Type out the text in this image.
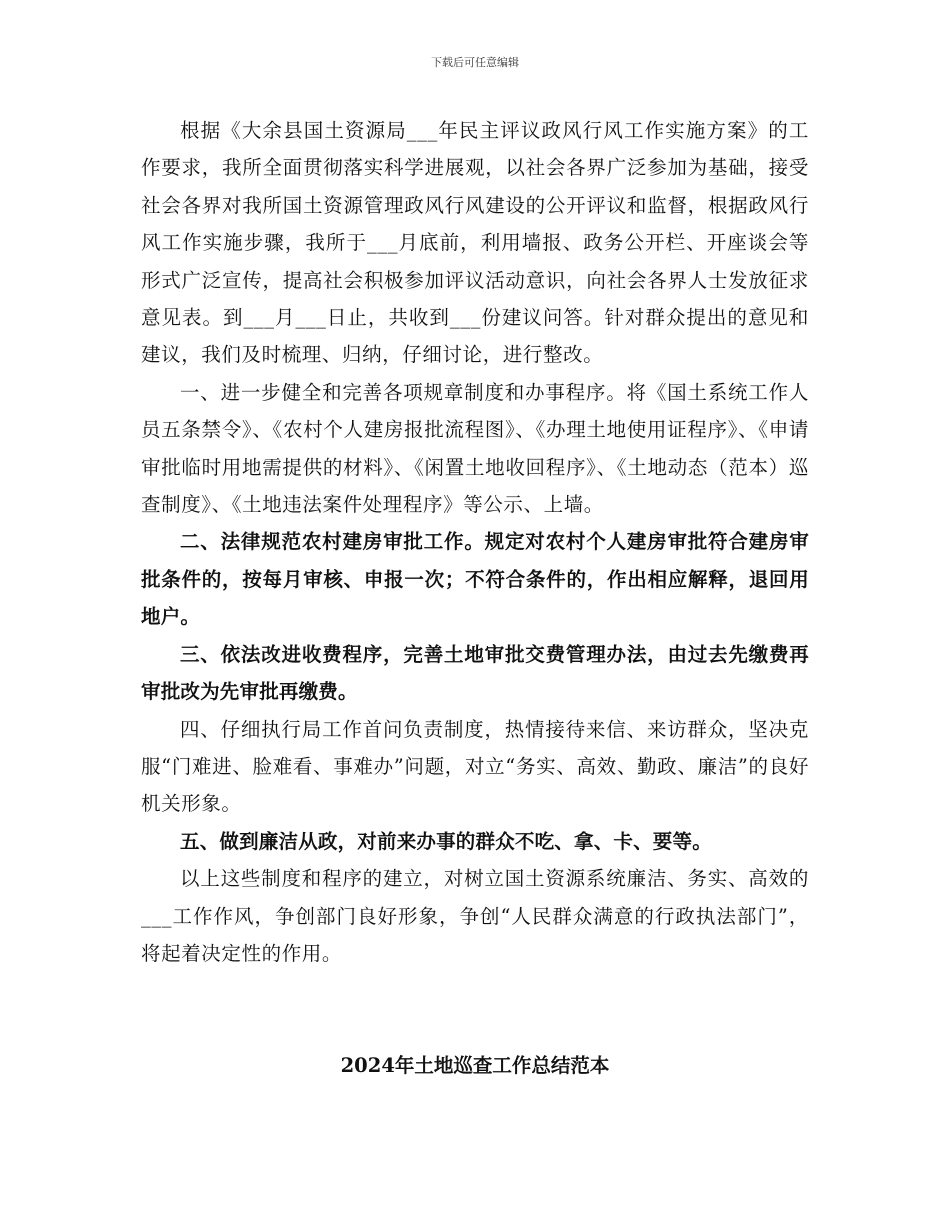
下载后可任意编辑

根据《大余县国土资源局___年民主评议政风行风工作实施方案》的工作要求，我所全面贯彻落实科学进展观，以社会各界广泛参加为基础，接受社会各界对我所国土资源管理政风行风建设的公开评议和监督，根据政风行风工作实施步骤，我所于___月底前，利用墙报、政务公开栏、开座谈会等形式广泛宣传，提高社会积极参加评议活动意识，向社会各界人士发放征求意见表。到___月___日止，共收到___份建议问答。针对群众提出的意见和建议，我们及时梳理、归纳，仔细讨论，进行整改。

一、进一步健全和完善各项规章制度和办事程序。将《国土系统工作人员五条禁令》、《农村个人建房报批流程图》、《办理土地使用证程序》、《申请审批临时用地需提供的材料》、《闲置土地收回程序》、《土地动态（范本）巡查制度》、《土地违法案件处理程序》等公示、上墙。

二、法律规范农村建房审批工作。规定对农村个人建房审批符合建房审批条件的，按每月审核、申报一次；不符合条件的，作出相应解释，退回用地户。

三、依法改进收费程序，完善土地审批交费管理办法，由过去先缴费再审批改为先审批再缴费。

四、仔细执行局工作首问负责制度，热情接待来信、来访群众，坚决克服“门难进、脸难看、事难办”问题，对立“务实、高效、勤政、廉洁”的良好机关形象。

五、做到廉洁从政，对前来办事的群众不吃、拿、卡、要等。

以上这些制度和程序的建立，对树立国土资源系统廉洁、务实、高效的___工作作风，争创部门良好形象，争创“人民群众满意的行政执法部门”，将起着决定性的作用。

2024年土地巡查工作总结范本
